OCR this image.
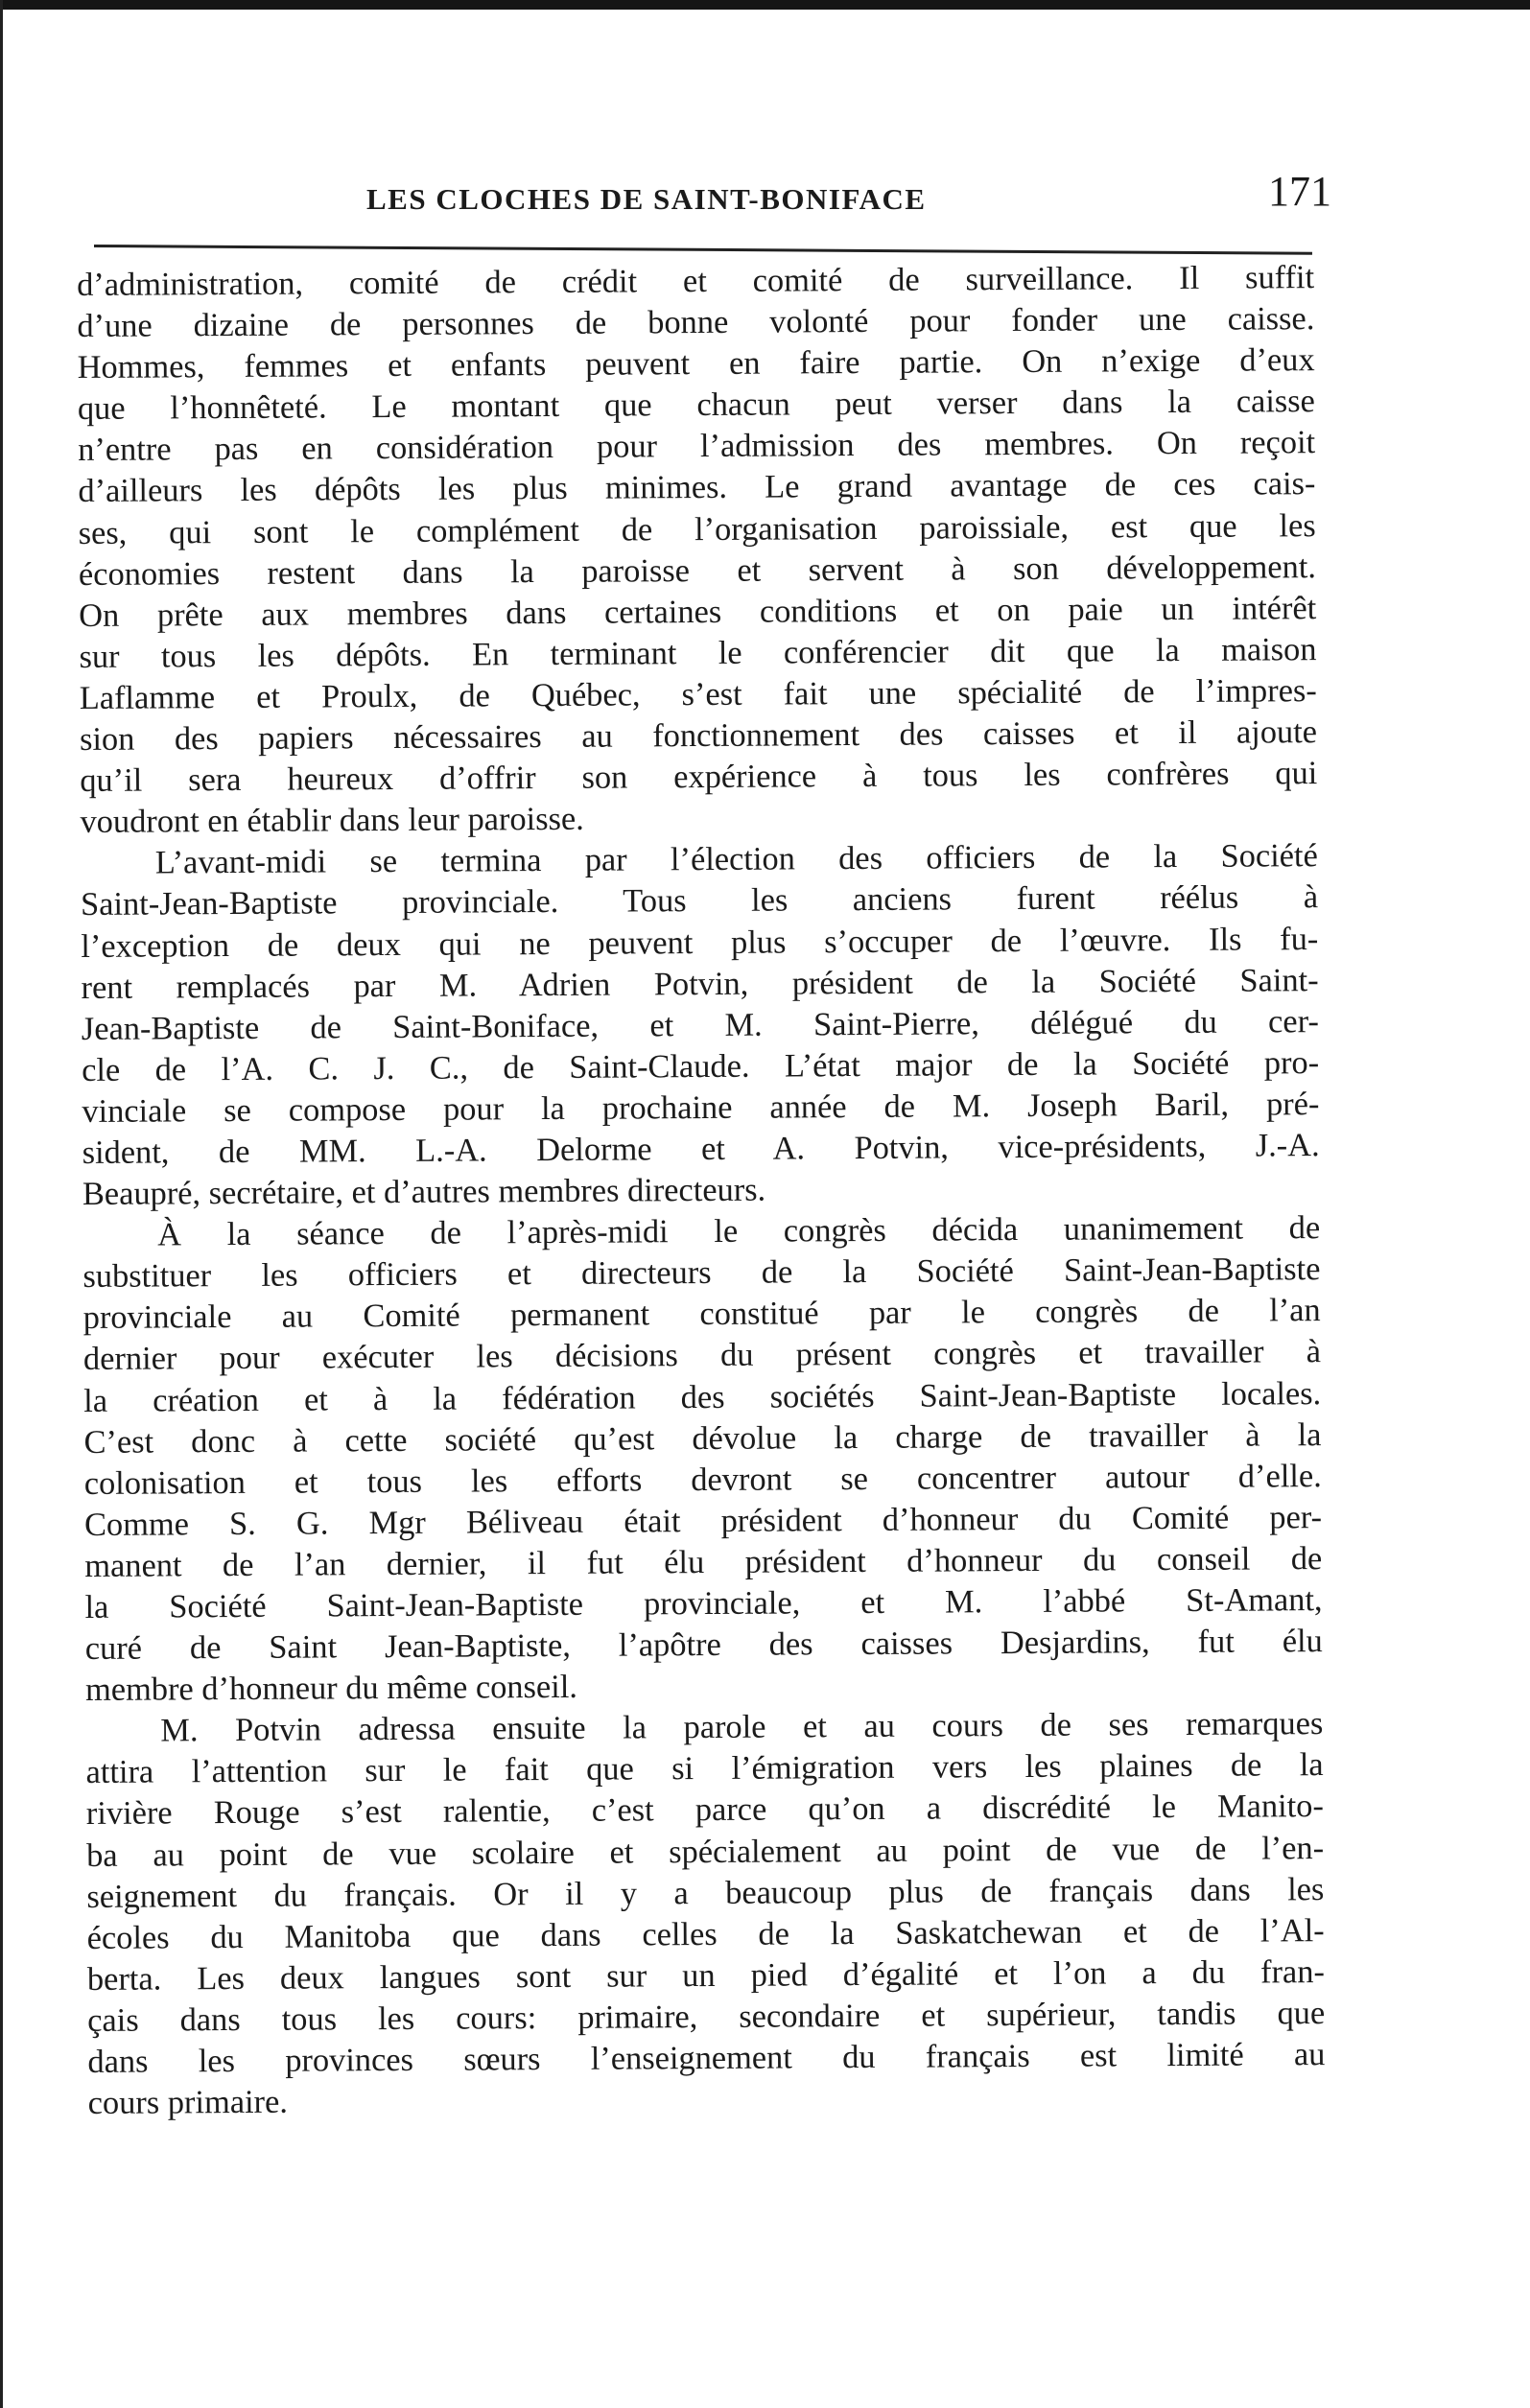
LES CLOCHES DE SAINT-BONIFACE	171
d’administration, comité de crédit et comité de surveillance. Il suffit
d’une dizaine de personnes de bonne volonté pour fonder une caisse.
Hommes, femmes et enfants peuvent en faire partie. On n’exige d’eux
que l’honnêteté. Le montant que chacun peut verser dans la caisse
n’entre pas en considération pour l’admission des membres. On reçoit
d’ailleurs les dépôts les plus minimes. Le grand avantage de ces cais-
ses, qui sont le complément de l’organisation paroissiale, est que les
économies restent dans la paroisse et servent à son développement.
On prête aux membres dans certaines conditions et on paie un intérêt
sur tous les dépôts. En terminant le conférencier dit que la maison
Laflamme et Proulx, de Québec, s’est fait une spécialité de l’impres-
sion des papiers nécessaires au fonctionnement des caisses et il ajoute
qu’il sera heureux d’offrir son expérience à tous les confrères qui
voudront en établir dans leur paroisse.
L’avant-midi se termina par l’élection des officiers de la Société
Saint-Jean-Baptiste provinciale. Tous les anciens furent réélus à
l’exception de deux qui ne peuvent plus s’occuper de l’œuvre. Ils fu-
rent remplacés par M. Adrien Potvin, président de la Société Saint-
Jean-Baptiste de Saint-Boniface, et M. Saint-Pierre, délégué du cer-
cle de l’A. C. J. C., de Saint-Claude. L’état major de la Société pro-
vinciale se compose pour la prochaine année de M. Joseph Baril, pré-
sident, de MM. L.-A. Delorme et A. Potvin, vice-présidents, J.-A.
Beaupré, secrétaire, et d’autres membres directeurs.
À la séance de l’après-midi le congrès décida unanimement de
substituer les officiers et directeurs de la Société Saint-Jean-Baptiste
provinciale au Comité permanent constitué par le congrès de l’an
dernier pour exécuter les décisions du présent congrès et travailler à
la création et à la fédération des sociétés Saint-Jean-Baptiste locales.
C’est donc à cette société qu’est dévolue la charge de travailler à la
colonisation et tous les efforts devront se concentrer autour d’elle.
Comme S. G. Mgr Béliveau était président d’honneur du Comité per-
manent de l’an dernier, il fut élu président d’honneur du conseil de
la Société Saint-Jean-Baptiste provinciale, et M. l’abbé St-Amant,
curé de Saint Jean-Baptiste, l’apôtre des caisses Desjardins, fut élu
membre d’honneur du même conseil.
M. Potvin adressa ensuite la parole et au cours de ses remarques
attira l’attention sur le fait que si l’émigration vers les plaines de la
rivière Rouge s’est ralentie, c’est parce qu’on a discrédité le Manito-
ba au point de vue scolaire et spécialement au point de vue de l’en-
seignement du français. Or il y a beaucoup plus de français dans les
écoles du Manitoba que dans celles de la Saskatchewan et de l’Al-
berta. Les deux langues sont sur un pied d’égalité et l’on a du fran-
çais dans tous les cours: primaire, secondaire et supérieur, tandis que
dans les provinces sœurs l’enseignement du français est limité au
cours primaire.
